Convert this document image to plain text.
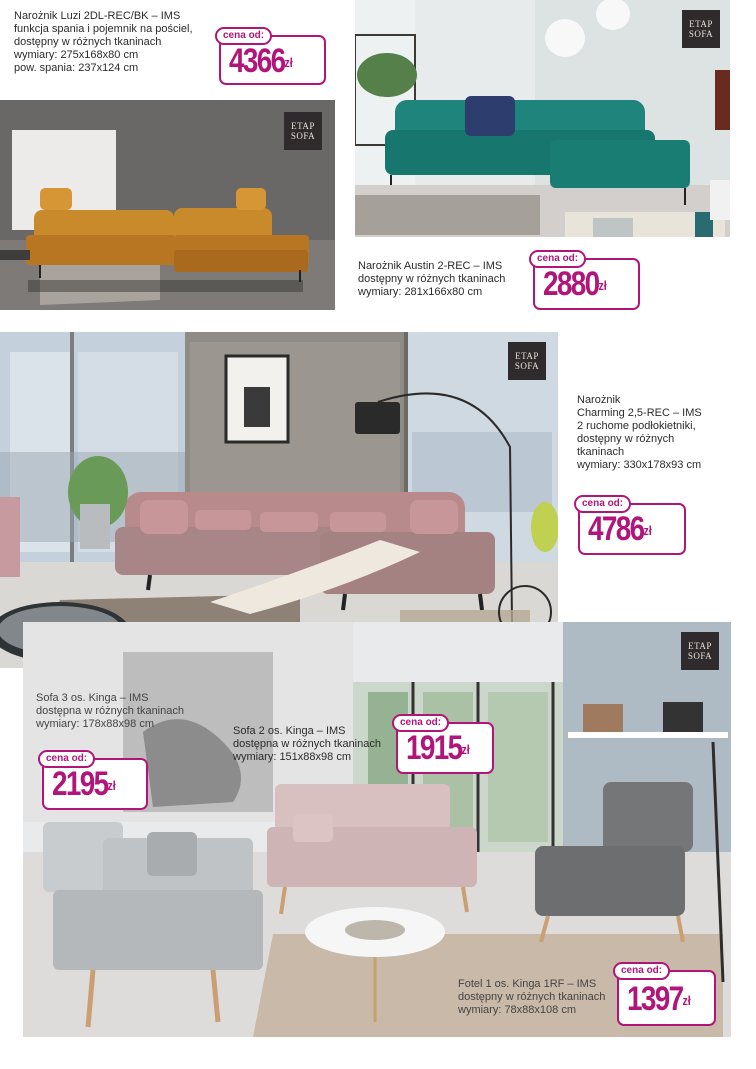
ETAP
SOFA
ETAP
SOFA
ETAP
SOFA
ETAP
SOFA
Narożnik Luzi 2DL-REC/BK – IMS
funkcja spania i pojemnik na pościel,
dostępny w różnych tkaninach
wymiary: 275x168x80 cm
pow. spania: 237x124 cm
cena od:
$4366^{zł}$
Narożnik Austin 2-REC – IMS
dostępny w różnych tkaninach
wymiary: 281x166x80 cm
cena od:
$2880^{zł}$
Narożnik
Charming 2,5-REC – IMS
2 ruchome podłokietniki,
dostępny w różnych
tkaninach
wymiary: 330x178x93 cm
cena od:
$4786^{zł}$
Sofa 3 os. Kinga – IMS
dostępna w różnych tkaninach
wymiary: 178x88x98 cm
cena od:
$2195^{zł}$
Sofa 2 os. Kinga – IMS
dostępna w różnych tkaninach
wymiary: 151x88x98 cm
cena od:
$1915^{zł}$
Fotel 1 os. Kinga 1RF – IMS
dostępny w różnych tkaninach
wymiary: 78x88x108 cm
cena od:
$1397^{zł}$
